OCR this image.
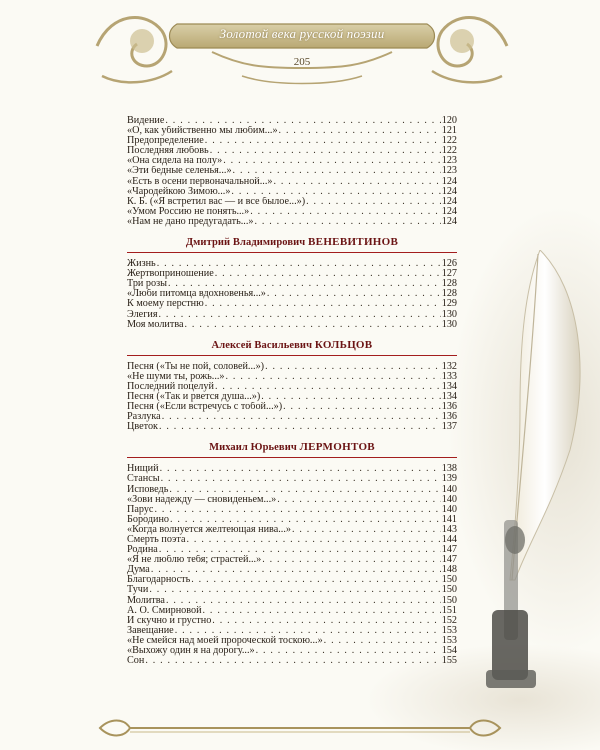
Золотой века русской поэзии
205
Видение . . .	120
«О, как убийственно мы любим...» . . .	121
Предопределение . . .	122
Последняя любовь . . .	122
«Она сидела на полу» . . .	123
«Эти бедные селенья...» . . .	123
«Есть в осени первоначальной...» . . .	124
«Чародейкою Зимою...» . . .	124
К. Б. («Я встретил вас — и все былое...») . . .	124
«Умом Россию не понять...» . . .	124
«Нам не дано предугадать...» . . .	124
Дмитрий Владимирович ВЕНЕВИТИНОВ
Жизнь . . .	126
Жертвоприношение . . .	127
Три розы . . .	128
«Люби питомца вдохновенья...» . . .	128
К моему перстню . . .	129
Элегия . . .	130
Моя молитва . . .	130
Алексей Васильевич КОЛЬЦОВ
Песня («Ты не пой, соловей...») . . .	132
«Не шуми ты, рожь...» . . .	133
Последний поцелуй . . .	134
Песня («Так и рвется душа...») . . .	134
Песня («Если встречусь с тобой...») . . .	136
Разлука . . .	136
Цветок . . .	137
Михаил Юрьевич ЛЕРМОНТОВ
Нищий . . .	138
Стансы . . .	139
Исповедь . . .	140
«Зови надежду — сновиденьем...» . . .	140
Парус . . .	140
Бородино . . .	141
«Когда волнуется желтеющая нива...» . . .	143
Смерть поэта . . .	144
Родина . . .	147
«Я не люблю тебя; страстей...» . . .	147
Дума . . .	148
Благодарность . . .	150
Тучи . . .	150
Молитва . . .	150
А. О. Смирновой . . .	151
И скучно и грустно . . .	152
Завещание . . .	153
«Не смейся над моей пророческой тоскою...» . . .	153
«Выхожу один я на дорогу...» . . .	154
Сон . . .	155
